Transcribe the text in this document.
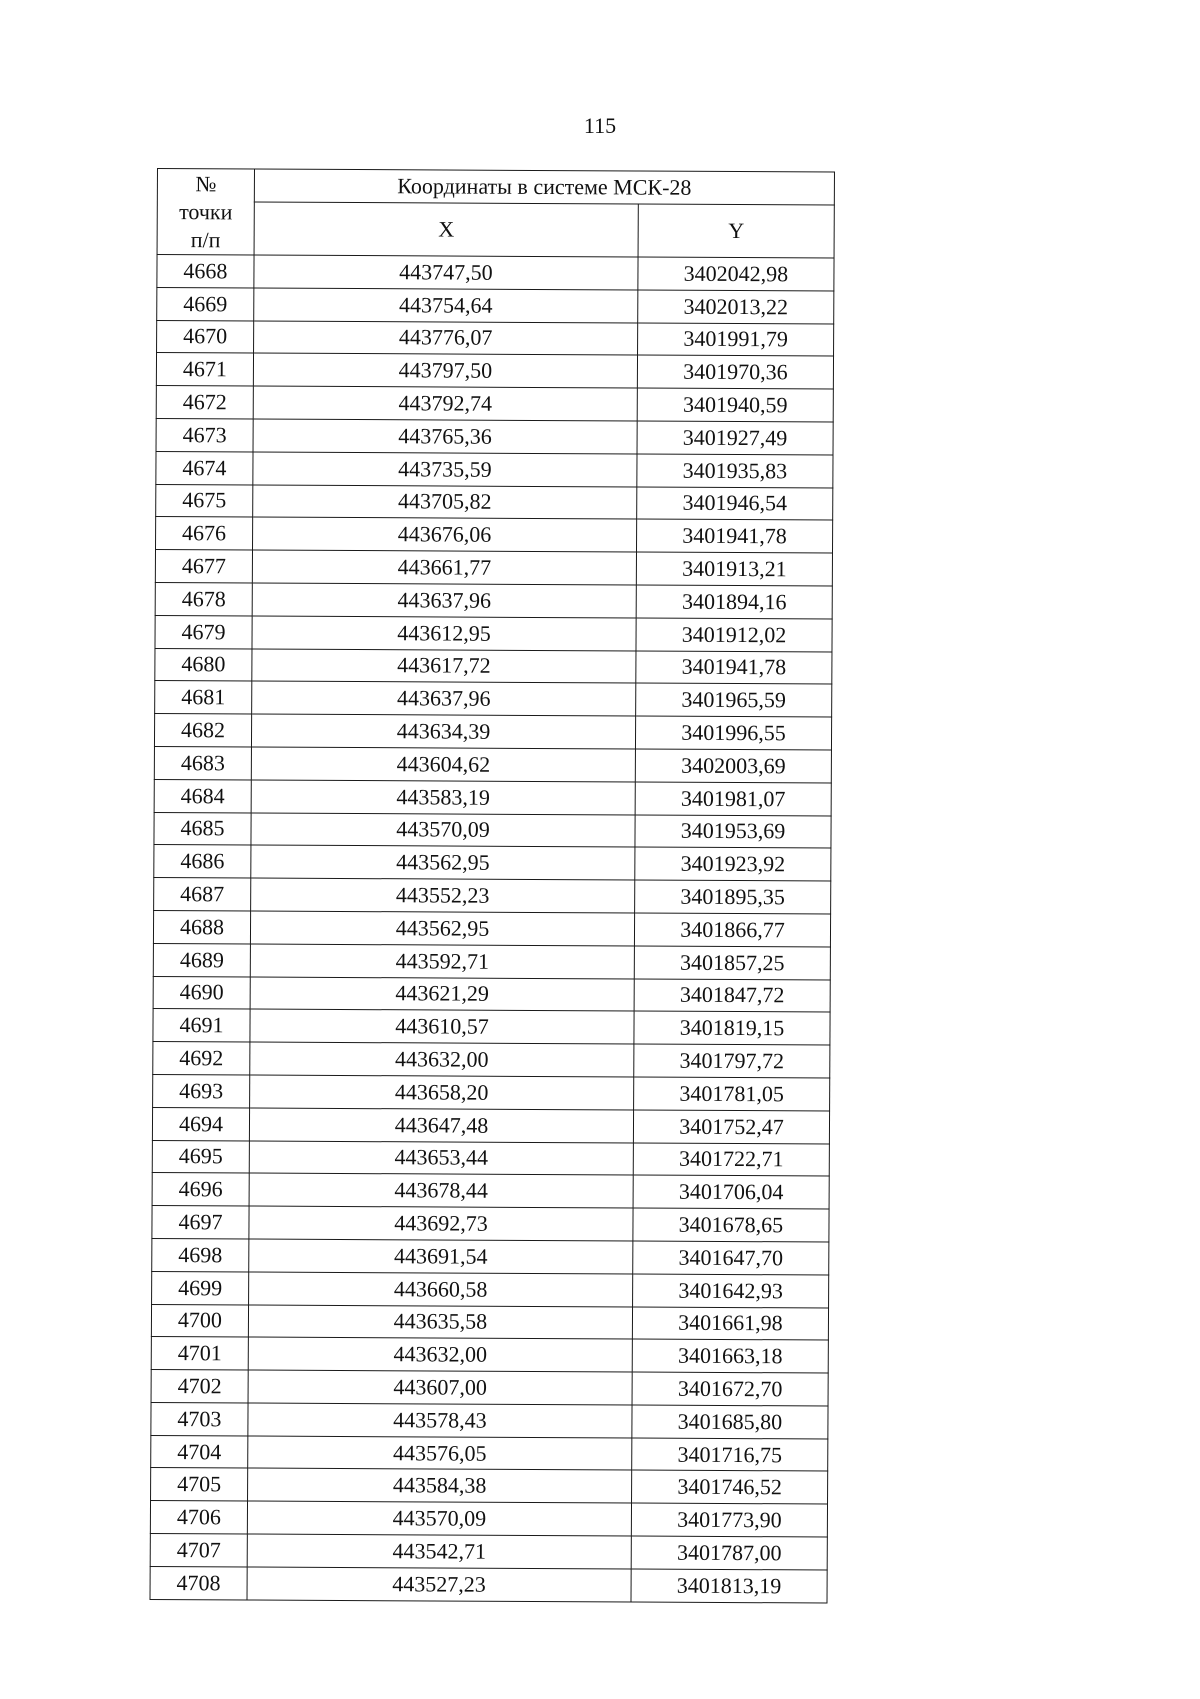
115
№
точки
п/п	Координаты в системе МСК-28	
	X	Y
4668	443747,50	3402042,98
4669	443754,64	3402013,22
4670	443776,07	3401991,79
4671	443797,50	3401970,36
4672	443792,74	3401940,59
4673	443765,36	3401927,49
4674	443735,59	3401935,83
4675	443705,82	3401946,54
4676	443676,06	3401941,78
4677	443661,77	3401913,21
4678	443637,96	3401894,16
4679	443612,95	3401912,02
4680	443617,72	3401941,78
4681	443637,96	3401965,59
4682	443634,39	3401996,55
4683	443604,62	3402003,69
4684	443583,19	3401981,07
4685	443570,09	3401953,69
4686	443562,95	3401923,92
4687	443552,23	3401895,35
4688	443562,95	3401866,77
4689	443592,71	3401857,25
4690	443621,29	3401847,72
4691	443610,57	3401819,15
4692	443632,00	3401797,72
4693	443658,20	3401781,05
4694	443647,48	3401752,47
4695	443653,44	3401722,71
4696	443678,44	3401706,04
4697	443692,73	3401678,65
4698	443691,54	3401647,70
4699	443660,58	3401642,93
4700	443635,58	3401661,98
4701	443632,00	3401663,18
4702	443607,00	3401672,70
4703	443578,43	3401685,80
4704	443576,05	3401716,75
4705	443584,38	3401746,52
4706	443570,09	3401773,90
4707	443542,71	3401787,00
4708	443527,23	3401813,19
